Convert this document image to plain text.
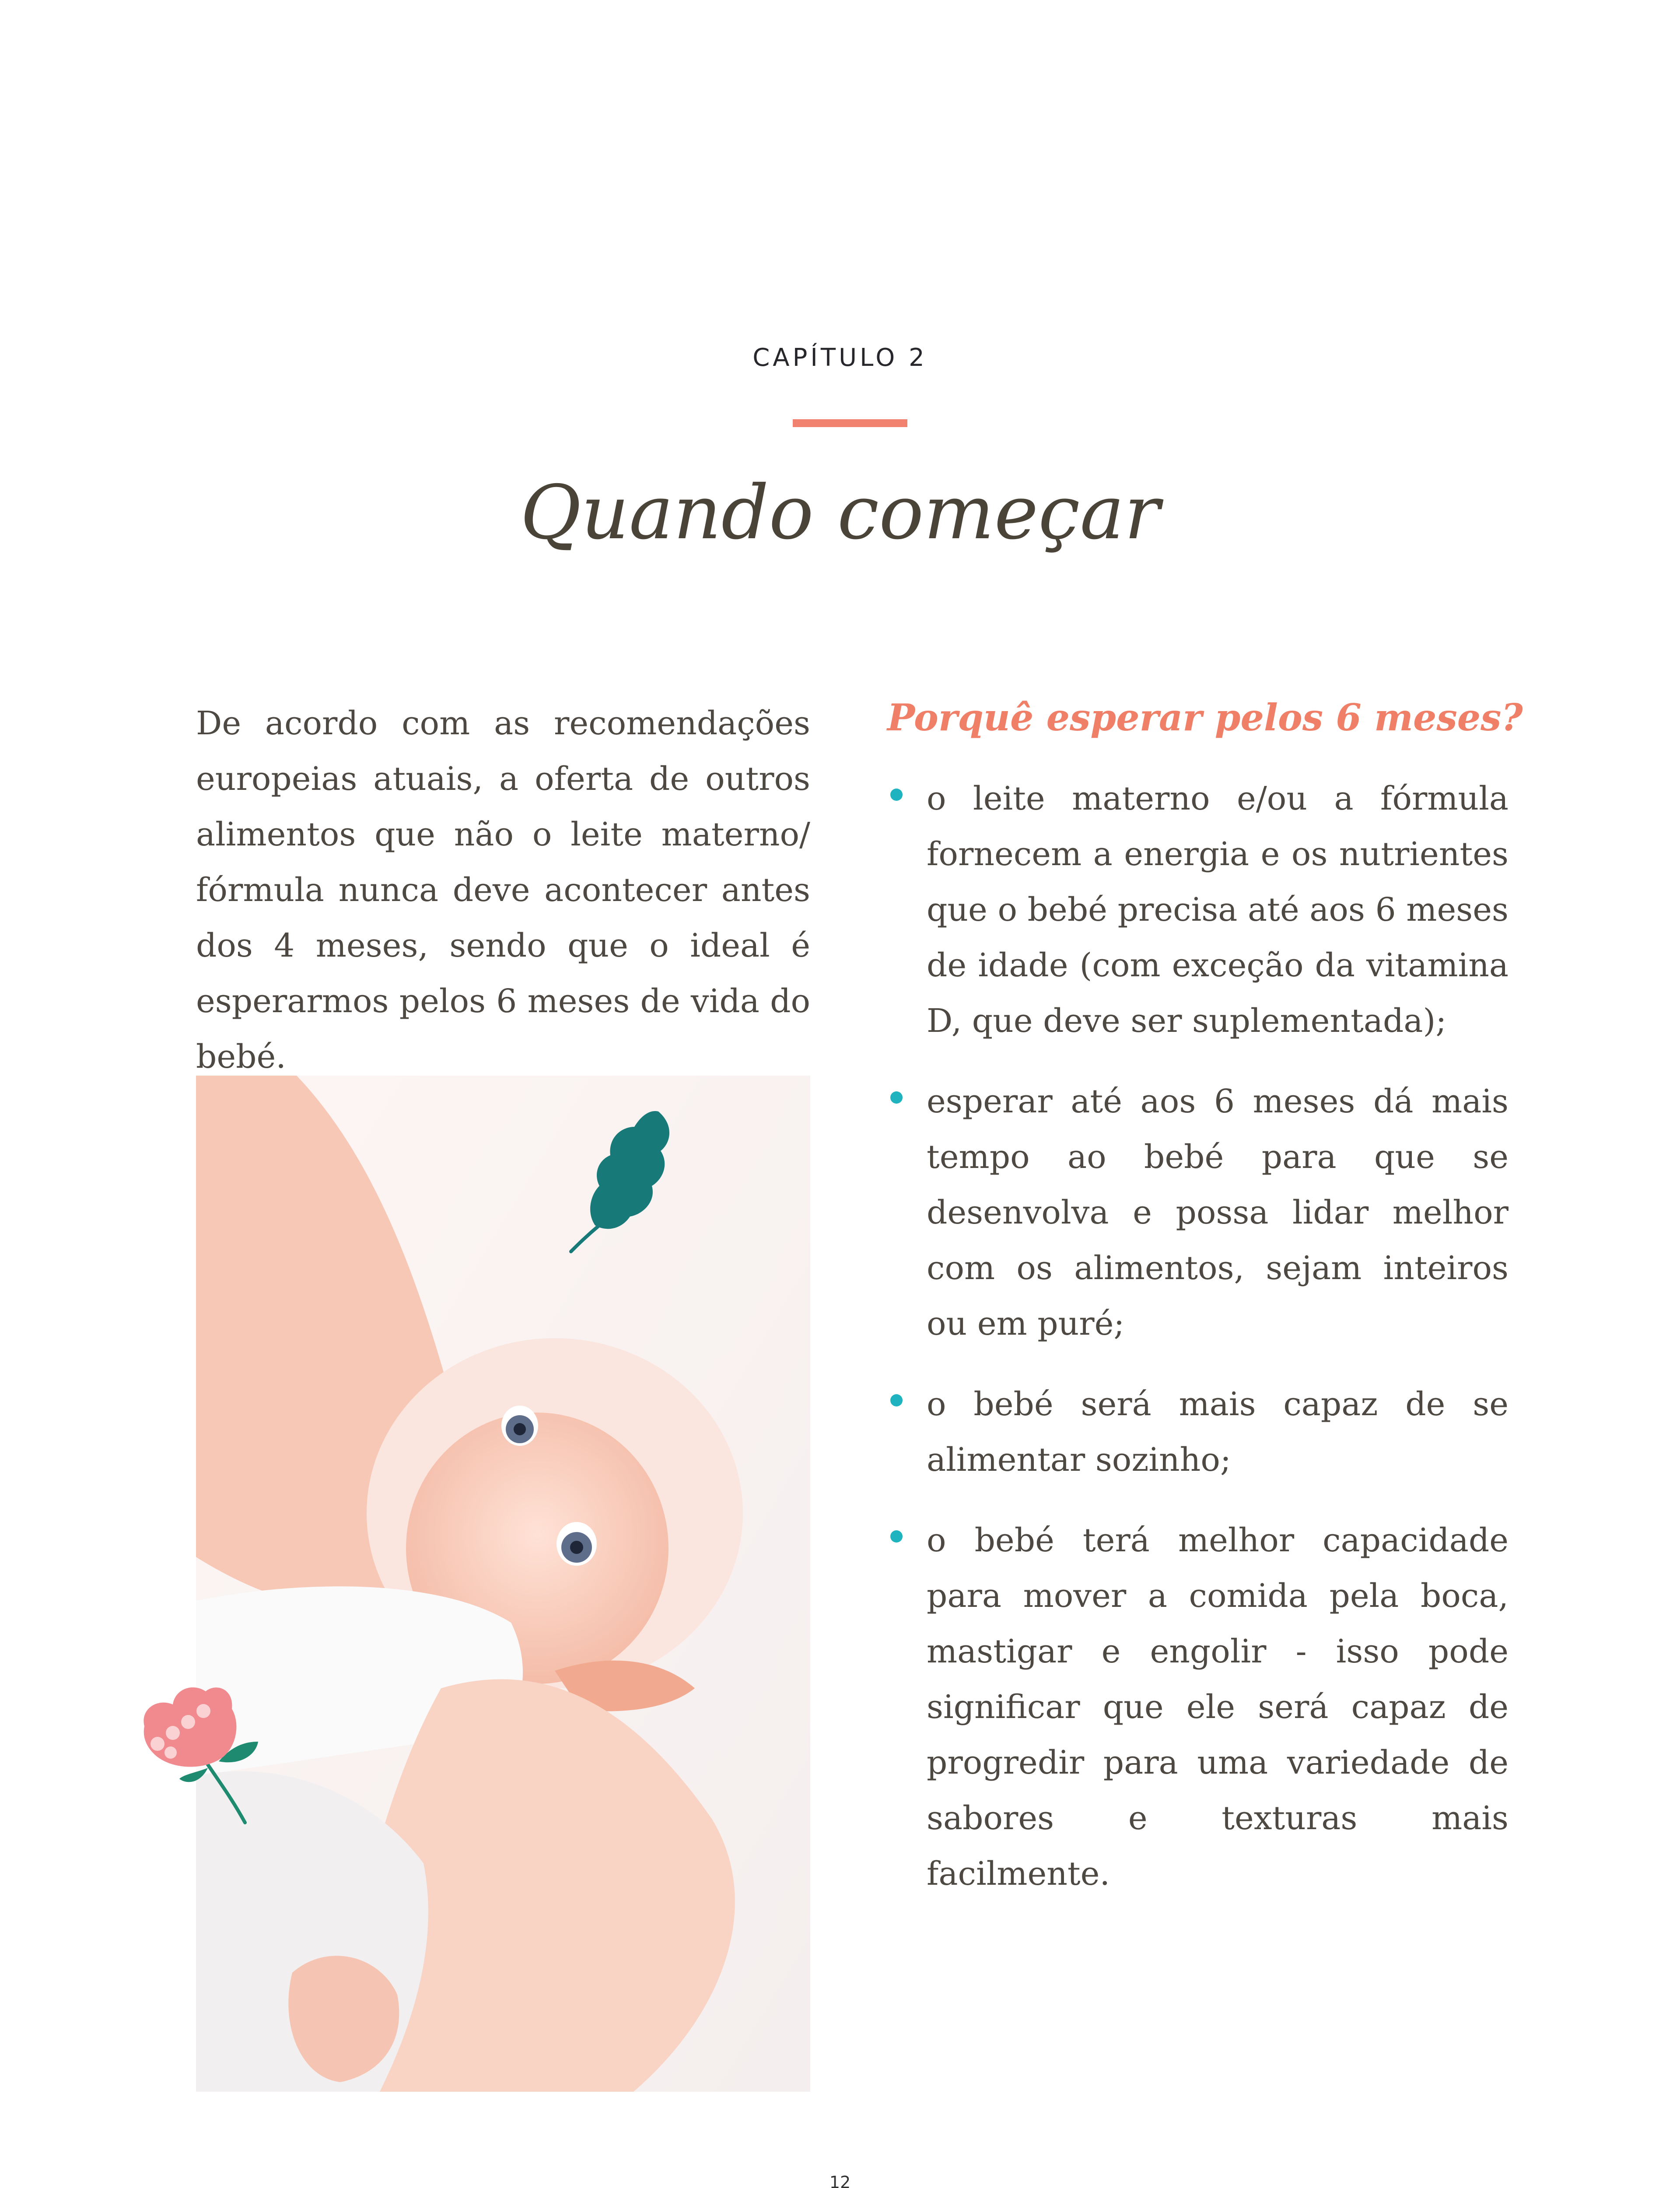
CAPÍTULO 2
Quando começar

De acordo com as recomendações europeias atuais, a oferta de outros alimentos que não o leite materno/ fórmula nunca deve acontecer antes dos 4 meses, sendo que o ideal é esperarmos pelos 6 meses de vida do bebé.

Porquê esperar pelos 6 meses?
o leite materno e/ou a fórmula fornecem a energia e os nutrientes que o bebé precisa até aos 6 meses de idade (com exceção da vitamina D, que deve ser suplementada);
esperar até aos 6 meses dá mais tempo ao bebé para que se desenvolva e possa lidar melhor com os alimentos, sejam inteiros ou em puré;
o bebé será mais capaz de se alimentar sozinho;
o bebé terá melhor capacidade para mover a comida pela boca, mastigar e engolir - isso pode significar que ele será capaz de progredir para uma variedade de sabores e texturas mais facilmente.
12
